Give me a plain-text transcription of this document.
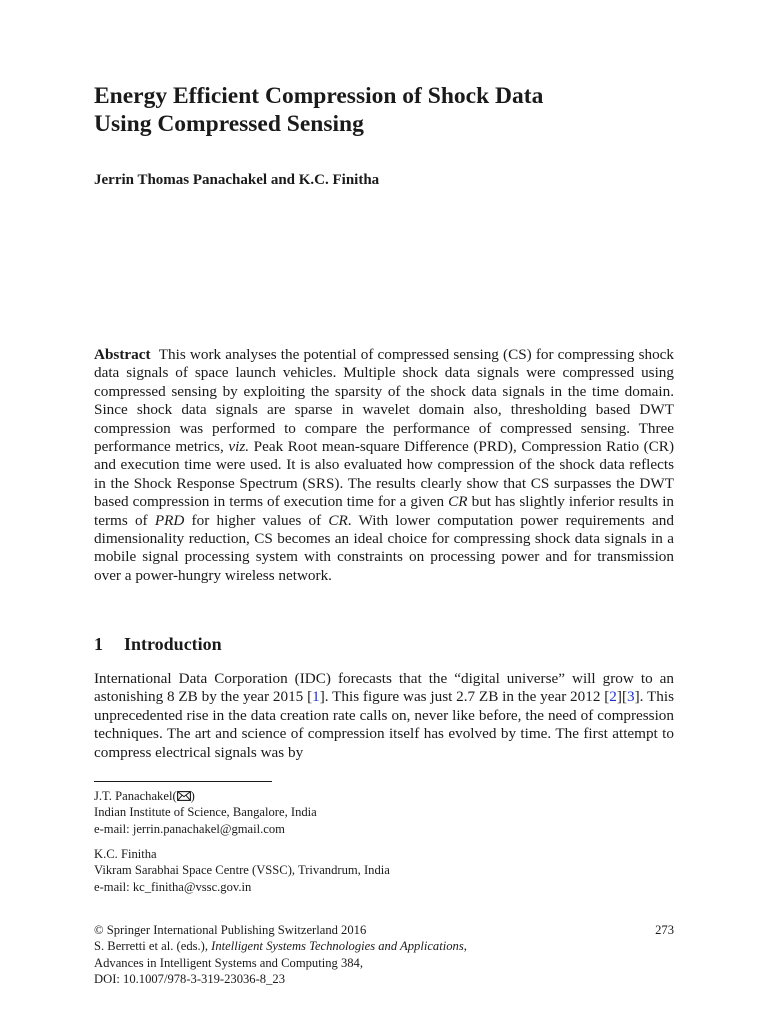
Energy Efficient Compression of Shock Data
Using Compressed Sensing
Jerrin Thomas Panachakel and K.C. Finitha
Abstract This work analyses the potential of compressed sensing (CS) for compressing shock data signals of space launch vehicles. Multiple shock data signals were compressed using compressed sensing by exploiting the sparsity of the shock data signals in the time domain. Since shock data signals are sparse in wavelet domain also, thresholding based DWT compression was performed to compare the performance of compressed sensing. Three performance metrics, viz. Peak Root mean-square Difference (PRD), Compression Ratio (CR) and execution time were used. It is also evaluated how compression of the shock data reflects in the Shock Response Spectrum (SRS). The results clearly show that CS surpasses the DWT based compression in terms of execution time for a given CR but has slightly inferior results in terms of PRD for higher values of CR. With lower computation power requirements and dimensionality reduction, CS becomes an ideal choice for compressing shock data signals in a mobile signal processing system with constraints on processing power and for transmission over a power-hungry wireless network.
1 Introduction
International Data Corporation (IDC) forecasts that the “digital universe” will grow to an astonishing 8 ZB by the year 2015 [1]. This figure was just 2.7 ZB in the year 2012 [2][3]. This unprecedented rise in the data creation rate calls on, never like before, the need of compression techniques. The art and science of compression itself has evolved by time. The first attempt to compress electrical signals was by
J.T. Panachakel( )
Indian Institute of Science, Bangalore, India
e-mail: jerrin.panachakel@gmail.com
K.C. Finitha
Vikram Sarabhai Space Centre (VSSC), Trivandrum, India
e-mail: kc_finitha@vssc.gov.in
© Springer International Publishing Switzerland 2016
S. Berretti et al. (eds.), Intelligent Systems Technologies and Applications,
Advances in Intelligent Systems and Computing 384,
DOI: 10.1007/978-3-319-23036-8_23
273
